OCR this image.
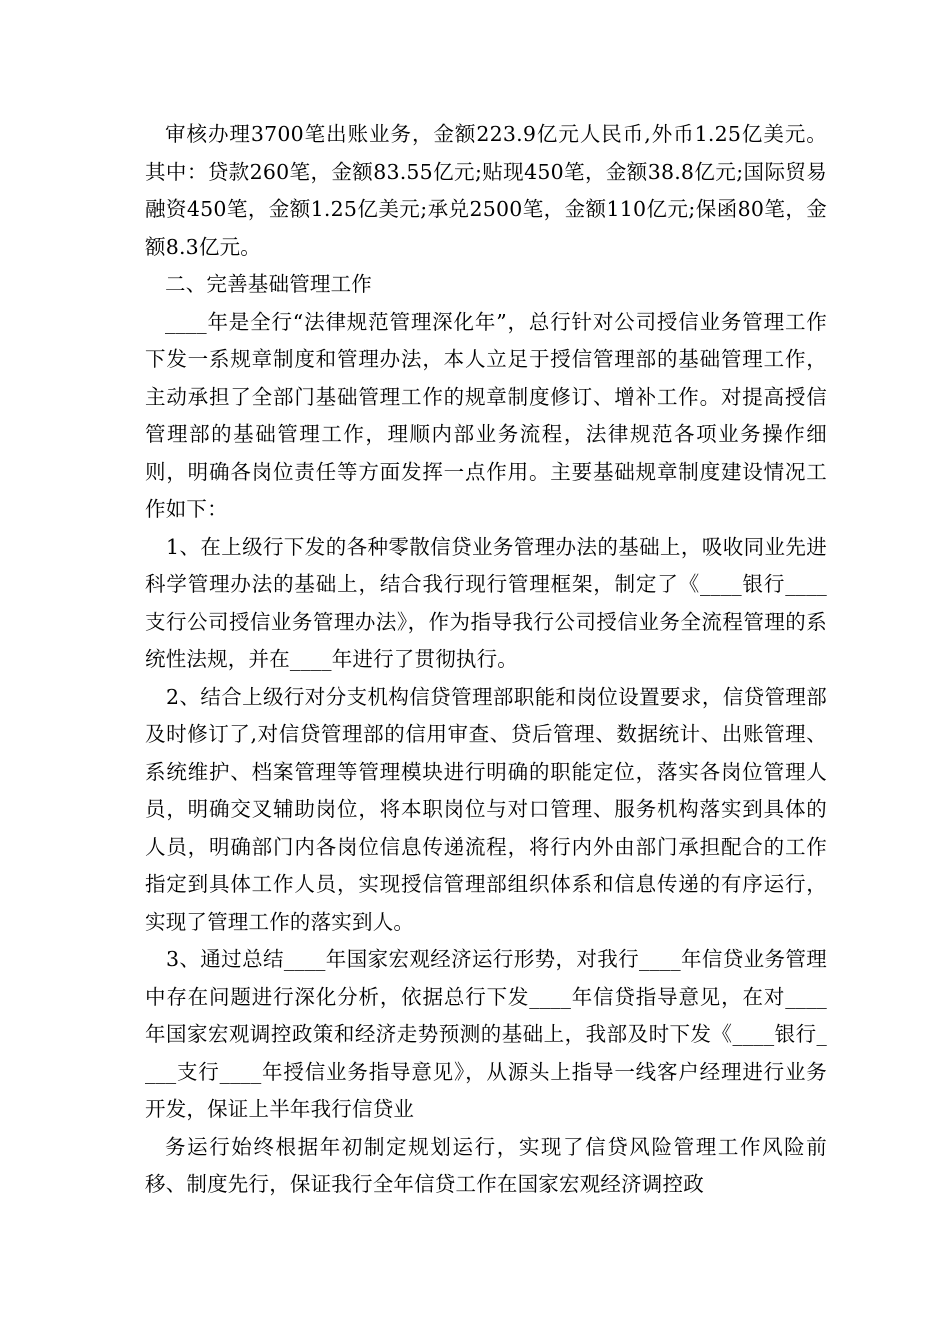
审核办理3700笔出账业务，金额223.9亿元人民币,外币1.25亿美元。其中：贷款260笔，金额83.55亿元;贴现450笔，金额38.8亿元;国际贸易融资450笔，金额1.25亿美元;承兑2500笔，金额110亿元;保函80笔，金额8.3亿元。

二、完善基础管理工作

____年是全行“法律规范管理深化年”，总行针对公司授信业务管理工作下发一系规章制度和管理办法，本人立足于授信管理部的基础管理工作，主动承担了全部门基础管理工作的规章制度修订、增补工作。对提高授信管理部的基础管理工作，理顺内部业务流程，法律规范各项业务操作细则，明确各岗位责任等方面发挥一点作用。主要基础规章制度建设情况工作如下：

1、在上级行下发的各种零散信贷业务管理办法的基础上，吸收同业先进科学管理办法的基础上，结合我行现行管理框架，制定了《____银行____支行公司授信业务管理办法》，作为指导我行公司授信业务全流程管理的系统性法规，并在____年进行了贯彻执行。

2、结合上级行对分支机构信贷管理部职能和岗位设置要求，信贷管理部及时修订了,对信贷管理部的信用审查、贷后管理、数据统计、出账管理、系统维护、档案管理等管理模块进行明确的职能定位，落实各岗位管理人员，明确交叉辅助岗位，将本职岗位与对口管理、服务机构落实到具体的人员，明确部门内各岗位信息传递流程，将行内外由部门承担配合的工作指定到具体工作人员，实现授信管理部组织体系和信息传递的有序运行，实现了管理工作的落实到人。

3、通过总结____年国家宏观经济运行形势，对我行____年信贷业务管理中存在问题进行深化分析，依据总行下发____年信贷指导意见，在对____年国家宏观调控政策和经济走势预测的基础上，我部及时下发《____银行____支行____年授信业务指导意见》，从源头上指导一线客户经理进行业务开发，保证上半年我行信贷业

务运行始终根据年初制定规划运行，实现了信贷风险管理工作风险前移、制度先行，保证我行全年信贷工作在国家宏观经济调控政
